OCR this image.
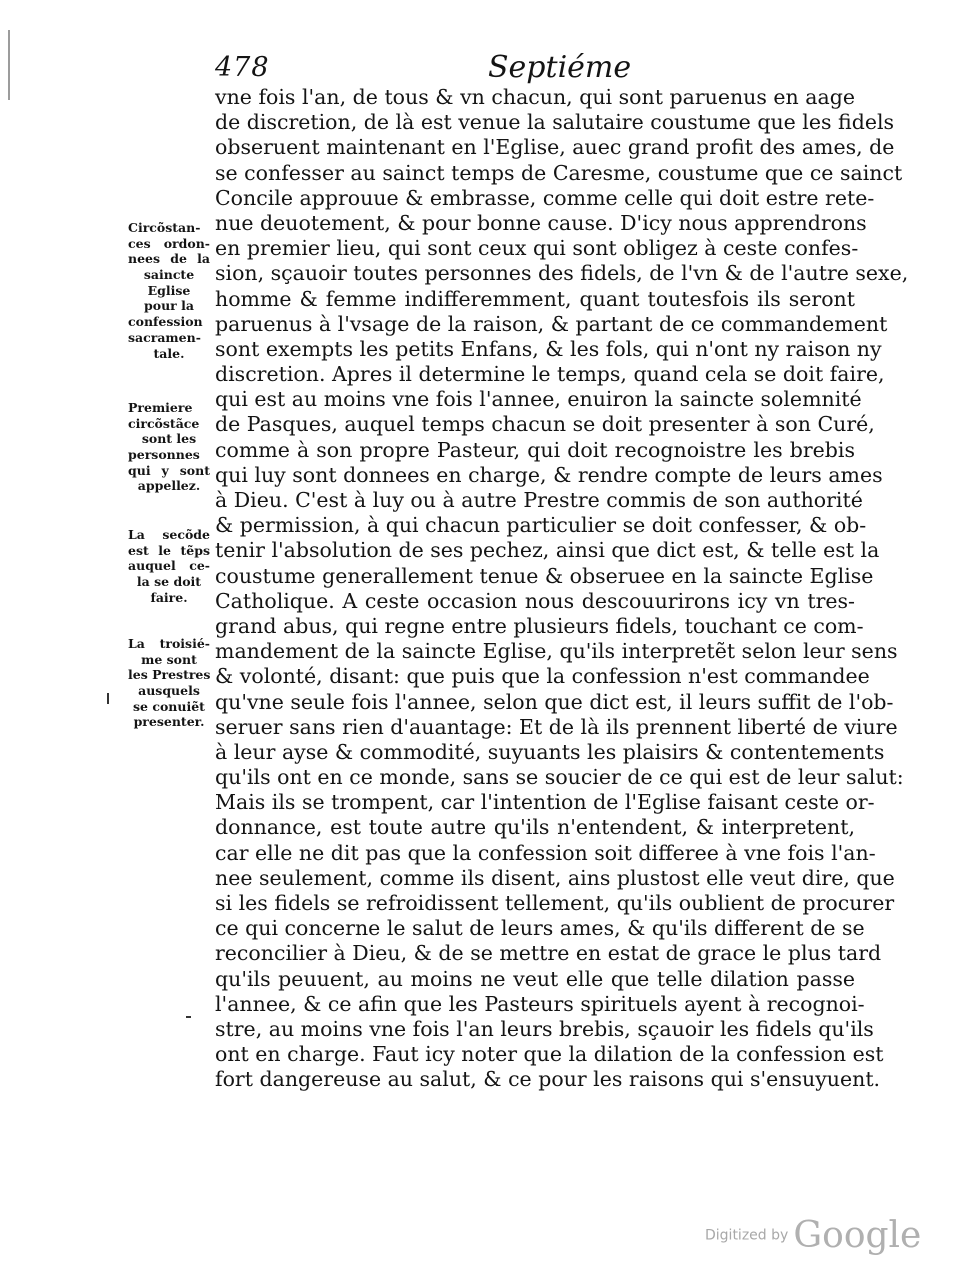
478	Septiéme
Circõstan-
ces ordon-
nees de la
saincte
Eglise
pour la
confession
sacramen-
tale.
Premiere
circõstãce
sont les
personnes
qui y sont
appellez.
La secõde
est le tẽps
auquel ce-
la se doit
faire.
La troisié-
me sont
les Prestres
ausquels
se conuiẽt
presenter.
vne fois l'an, de tous & vn chacun, qui sont paruenus en aage
de discretion, de là est venue la salutaire coustume que les fidels
obseruent maintenant en l'Eglise, auec grand profit des ames, de
se confesser au sainct temps de Caresme, coustume que ce sainct
Concile approuue & embrasse, comme celle qui doit estre rete-
nue deuotement, & pour bonne cause. D'icy nous apprendrons
en premier lieu, qui sont ceux qui sont obligez à ceste confes-
sion, sçauoir toutes personnes des fidels, de l'vn & de l'autre sexe,
homme & femme indifferemment, quant toutesfois ils seront
paruenus à l'vsage de la raison, & partant de ce commandement
sont exempts les petits Enfans, & les fols, qui n'ont ny raison ny
discretion. Apres il determine le temps, quand cela se doit faire,
qui est au moins vne fois l'annee, enuiron la saincte solemnité
de Pasques, auquel temps chacun se doit presenter à son Curé,
comme à son propre Pasteur, qui doit recognoistre les brebis
qui luy sont donnees en charge, & rendre compte de leurs ames
à Dieu. C'est à luy ou à autre Prestre commis de son authorité
& permission, à qui chacun particulier se doit confesser, & ob-
tenir l'absolution de ses pechez, ainsi que dict est, & telle est la
coustume generallement tenue & obseruee en la saincte Eglise
Catholique. A ceste occasion nous descouurirons icy vn tres-
grand abus, qui regne entre plusieurs fidels, touchant ce com-
mandement de la saincte Eglise, qu'ils interpretẽt selon leur sens
& volonté, disant: que puis que la confession n'est commandee
qu'vne seule fois l'annee, selon que dict est, il leurs suffit de l'ob-
seruer sans rien d'auantage: Et de là ils prennent liberté de viure
à leur ayse & commodité, suyuants les plaisirs & contentements
qu'ils ont en ce monde, sans se soucier de ce qui est de leur salut:
Mais ils se trompent, car l'intention de l'Eglise faisant ceste or-
donnance, est toute autre qu'ils n'entendent, & interpretent,
car elle ne dit pas que la confession soit differee à vne fois l'an-
nee seulement, comme ils disent, ains plustost elle veut dire, que
si les fidels se refroidissent tellement, qu'ils oublient de procurer
ce qui concerne le salut de leurs ames, & qu'ils different de se
reconcilier à Dieu, & de se mettre en estat de grace le plus tard
qu'ils peuuent, au moins ne veut elle que telle dilation passe
l'annee, & ce afin que les Pasteurs spirituels ayent à recognoi-
stre, au moins vne fois l'an leurs brebis, sçauoir les fidels qu'ils
ont en charge. Faut icy noter que la dilation de la confession est
fort dangereuse au salut, & ce pour les raisons qui s'ensuyuent.
Digitized by Google
